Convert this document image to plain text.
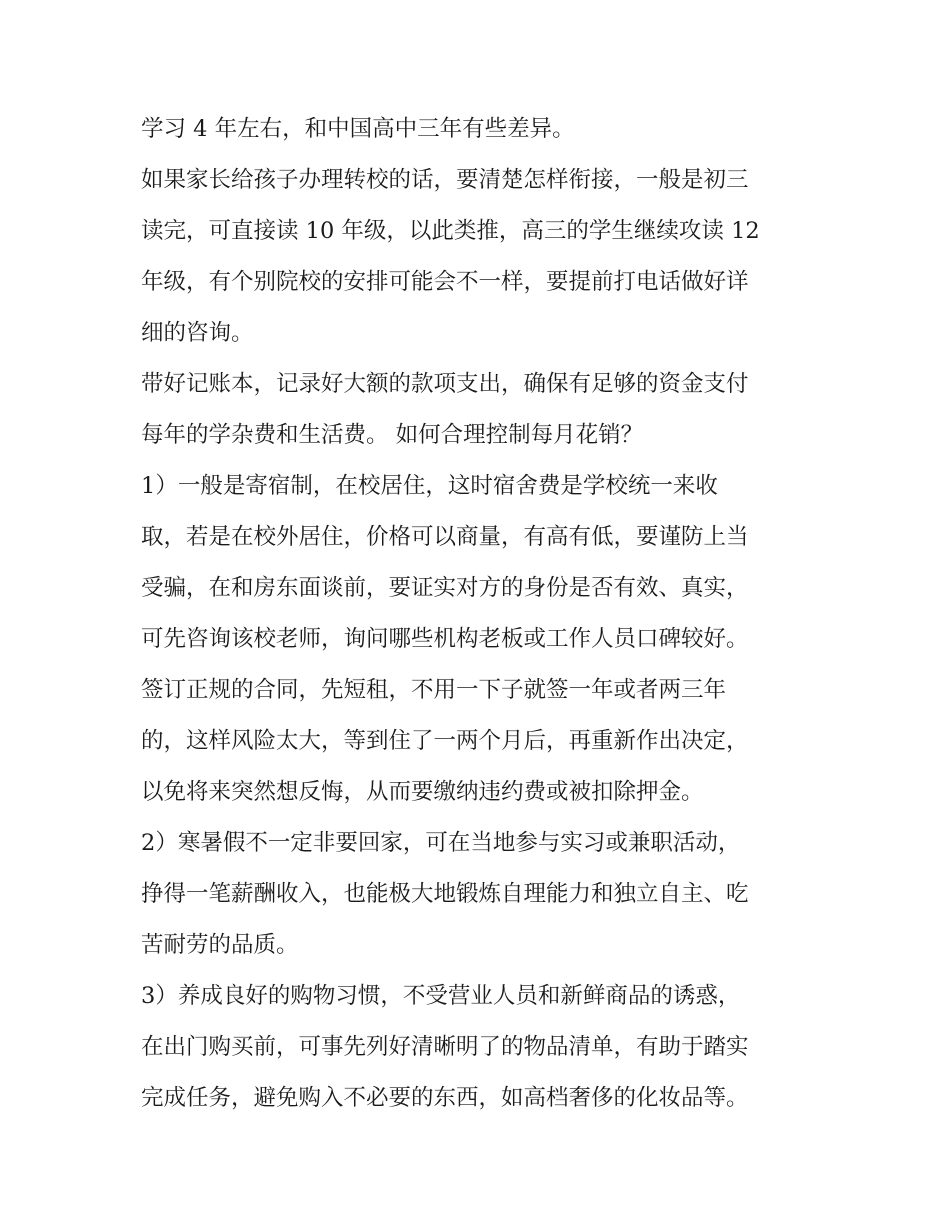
学习 4 年左右，和中国高中三年有些差异。
如果家长给孩子办理转校的话，要清楚怎样衔接，一般是初三
读完，可直接读 10 年级，以此类推，高三的学生继续攻读 12
年级，有个别院校的安排可能会不一样，要提前打电话做好详
细的咨询。
带好记账本，记录好大额的款项支出，确保有足够的资金支付
每年的学杂费和生活费。 如何合理控制每月花销？
1）一般是寄宿制，在校居住，这时宿舍费是学校统一来收
取，若是在校外居住，价格可以商量，有高有低，要谨防上当
受骗，在和房东面谈前，要证实对方的身份是否有效、真实，
可先咨询该校老师，询问哪些机构老板或工作人员口碑较好。
签订正规的合同，先短租，不用一下子就签一年或者两三年
的，这样风险太大，等到住了一两个月后，再重新作出决定，
以免将来突然想反悔，从而要缴纳违约费或被扣除押金。
2）寒暑假不一定非要回家，可在当地参与实习或兼职活动，
挣得一笔薪酬收入，也能极大地锻炼自理能力和独立自主、吃
苦耐劳的品质。
3）养成良好的购物习惯，不受营业人员和新鲜商品的诱惑，
在出门购买前，可事先列好清晰明了的物品清单，有助于踏实
完成任务，避免购入不必要的东西，如高档奢侈的化妆品等。
